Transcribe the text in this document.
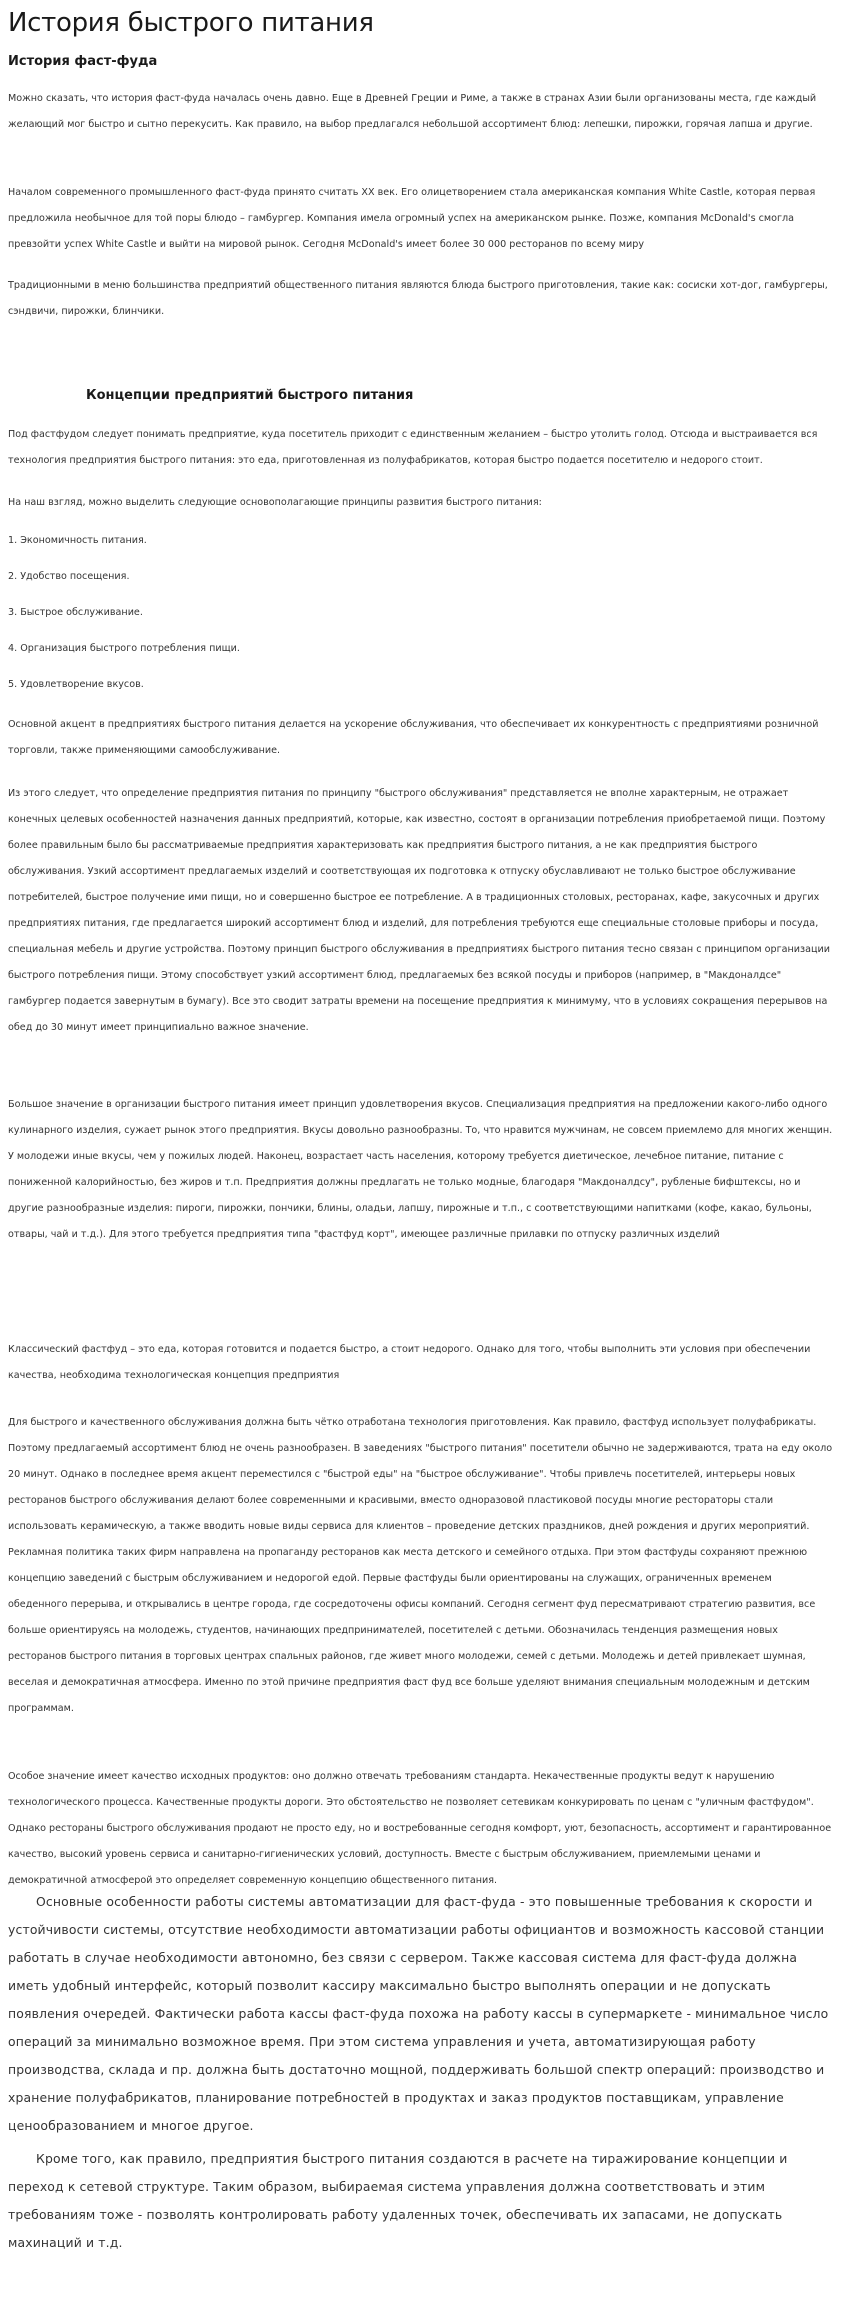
История быстрого питания
История фаст-фуда

Можно сказать, что история фаст-фуда началась очень давно. Еще в Древней Греции и Риме, а также в странах Азии были организованы места, где каждый желающий мог быстро и сытно перекусить. Как правило, на выбор предлагался небольшой ассортимент блюд: лепешки, пирожки, горячая лапша и другие.

Началом современного промышленного фаст-фуда принято считать XX век. Его олицетворением стала американская компания White Castle, которая первая предложила необычное для той поры блюдо – гамбургер. Компания имела огромный успех на американском рынке. Позже, компания McDonald's смогла превзойти успех White Castle и выйти на мировой рынок. Сегодня McDonald's имеет более 30 000 ресторанов по всему миру

Традиционными в меню большинства предприятий общественного питания являются блюда быстрого приготовления, такие как: сосиски хот-дог, гамбургеры, сэндвичи, пирожки, блинчики.

Концепции предприятий быстрого питания

Под фастфудом следует понимать предприятие, куда посетитель приходит с единственным желанием – быстро утолить голод. Отсюда и выстраивается вся технология предприятия быстрого питания: это еда, приготовленная из полуфабрикатов, которая быстро подается посетителю и недорого стоит.

На наш взгляд, можно выделить следующие основополагающие принципы развития быстрого питания:

1. Экономичность питания.

2. Удобство посещения.

3. Быстрое обслуживание.

4. Организация быстрого потребления пищи.

5. Удовлетворение вкусов.

Основной акцент в предприятиях быстрого питания делается на ускорение обслуживания, что обеспечивает их конкурентность с предприятиями розничной торговли, также применяющими самообслуживание.

Из этого следует, что определение предприятия питания по принципу "быстрого обслуживания" представляется не вполне характерным, не отражает конечных целевых особенностей назначения данных предприятий, которые, как известно, состоят в организации потребления приобретаемой пищи. Поэтому более правильным было бы рассматриваемые предприятия характеризовать как предприятия быстрого питания, а не как предприятия быстрого обслуживания. Узкий ассортимент предлагаемых изделий и соответствующая их подготовка к отпуску обуславливают не только быстрое обслуживание потребителей, быстрое получение ими пищи, но и совершенно быстрое ее потребление. А в традиционных столовых, ресторанах, кафе, закусочных и других предприятиях питания, где предлагается широкий ассортимент блюд и изделий, для потребления требуются еще специальные столовые приборы и посуда, специальная мебель и другие устройства. Поэтому принцип быстрого обслуживания в предприятиях быстрого питания тесно связан с принципом организации быстрого потребления пищи. Этому способствует узкий ассортимент блюд, предлагаемых без всякой посуды и приборов (например, в "Макдоналдсе" гамбургер подается завернутым в бумагу). Все это сводит затраты времени на посещение предприятия к минимуму, что в условиях сокращения перерывов на обед до 30 минут имеет принципиально важное значение.

Большое значение в организации быстрого питания имеет принцип удовлетворения вкусов. Специализация предприятия на предложении какого-либо одного кулинарного изделия, сужает рынок этого предприятия. Вкусы довольно разнообразны. То, что нравится мужчинам, не совсем приемлемо для многих женщин. У молодежи иные вкусы, чем у пожилых людей. Наконец, возрастает часть населения, которому требуется диетическое, лечебное питание, питание с пониженной калорийностью, без жиров и т.п. Предприятия должны предлагать не только модные, благодаря "Макдоналдсу", рубленые бифштексы, но и другие разнообразные изделия: пироги, пирожки, пончики, блины, оладьи, лапшу, пирожные и т.п., с соответствующими напитками (кофе, какао, бульоны, отвары, чай и т.д.). Для этого требуется предприятия типа "фастфуд корт", имеющее различные прилавки по отпуску различных изделий

Классический фастфуд – это еда, которая готовится и подается быстро, а стоит недорого. Однако для того, чтобы выполнить эти условия при обеспечении качества, необходима технологическая концепция предприятия

Для быстрого и качественного обслуживания должна быть чётко отработана технология приготовления. Как правило, фастфуд использует полуфабрикаты. Поэтому предлагаемый ассортимент блюд не очень разнообразен. В заведениях "быстрого питания" посетители обычно не задерживаются, трата на еду около 20 минут. Однако в последнее время акцент переместился с "быстрой еды" на "быстрое обслуживание". Чтобы привлечь посетителей, интерьеры новых ресторанов быстрого обслуживания делают более современными и красивыми, вместо одноразовой пластиковой посуды многие рестораторы стали использовать керамическую, а также вводить новые виды сервиса для клиентов – проведение детских праздников, дней рождения и других мероприятий. Рекламная политика таких фирм направлена на пропаганду ресторанов как места детского и семейного отдыха. При этом фастфуды сохраняют прежнюю концепцию заведений с быстрым обслуживанием и недорогой едой. Первые фастфуды были ориентированы на служащих, ограниченных временем обеденного перерыва, и открывались в центре города, где сосредоточены офисы компаний. Сегодня сегмент фуд пересматривают стратегию развития, все больше ориентируясь на молодежь, студентов, начинающих предпринимателей, посетителей с детьми. Обозначилась тенденция размещения новых ресторанов быстрого питания в торговых центрах спальных районов, где живет много молодежи, семей с детьми. Молодежь и детей привлекает шумная, веселая и демократичная атмосфера. Именно по этой причине предприятия фаст фуд все больше уделяют внимания специальным молодежным и детским программам.

Особое значение имеет качество исходных продуктов: оно должно отвечать требованиям стандарта. Некачественные продукты ведут к нарушению технологического процесса. Качественные продукты дороги. Это обстоятельство не позволяет сетевикам конкурировать по ценам с "уличным фастфудом". Однако рестораны быстрого обслуживания продают не просто еду, но и востребованные сегодня комфорт, уют, безопасность, ассортимент и гарантированное качество, высокий уровень сервиса и санитарно-гигиенических условий, доступность. Вместе с быстрым обслуживанием, приемлемыми ценами и демократичной атмосферой это определяет современную концепцию общественного питания.

Основные особенности работы системы автоматизации для фаст-фуда - это повышенные требования к скорости и устойчивости системы, отсутствие необходимости автоматизации работы официантов и возможность кассовой станции работать в случае необходимости автономно, без связи с сервером. Также кассовая система для фаст-фуда должна иметь удобный интерфейс, который позволит кассиру максимально быстро выполнять операции и не допускать появления очередей. Фактически работа кассы фаст-фуда похожа на работу кассы в супермаркете - минимальное число операций за минимально возможное время. При этом система управления и учета, автоматизирующая работу производства, склада и пр. должна быть достаточно мощной, поддерживать большой спектр операций: производство и хранение полуфабрикатов, планирование потребностей в продуктах и заказ продуктов поставщикам, управление ценообразованием и многое другое.

Кроме того, как правило, предприятия быстрого питания создаются в расчете на тиражирование концепции и переход к сетевой структуре. Таким образом, выбираемая система управления должна соответствовать и этим требованиям тоже - позволять контролировать работу удаленных точек, обеспечивать их запасами, не допускать махинаций и т.д.
